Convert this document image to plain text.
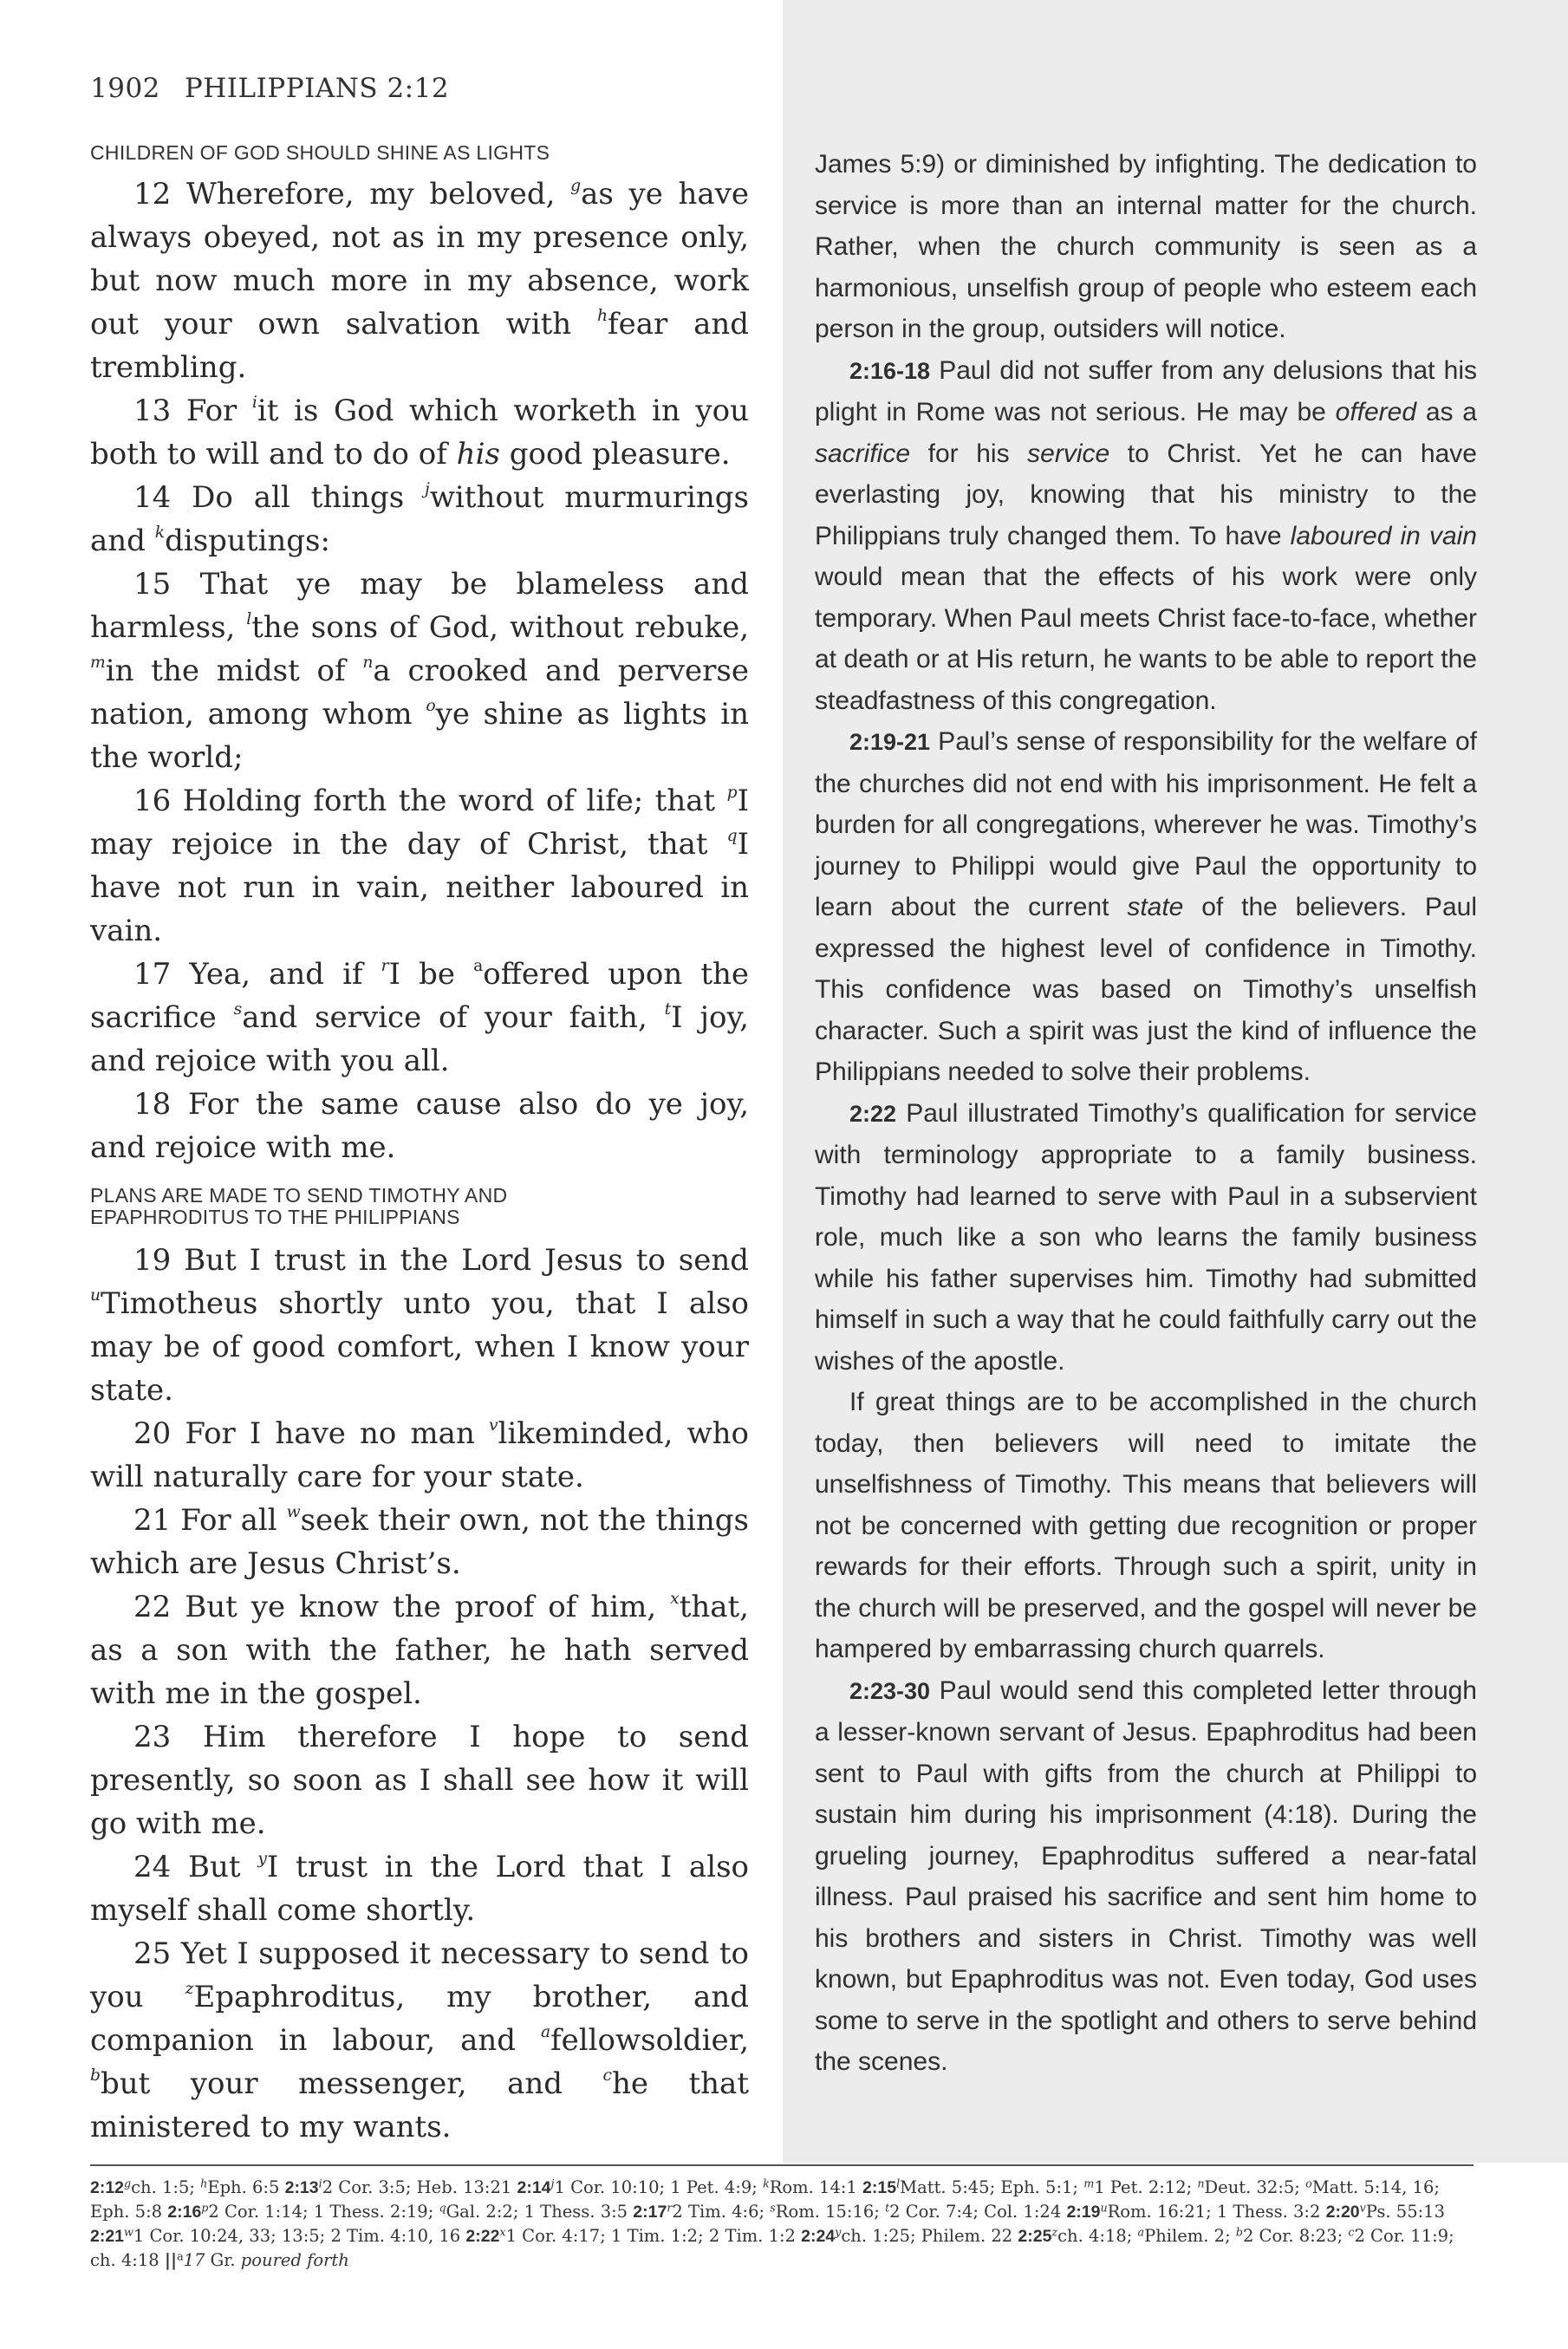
1902 PHILIPPIANS 2:12
CHILDREN OF GOD SHOULD SHINE AS LIGHTS

12 Wherefore, my beloved, $^g$as ye have always obeyed, not as in my presence only, but now much more in my absence, work out your own salvation with $^h$fear and trembling.

13 For $^i$it is God which worketh in you both to will and to do of his good pleasure.

14 Do all things $^j$without murmurings and $^k$disputings:

15 That ye may be blameless and harmless, $^l$the sons of God, without rebuke, $^m$in the midst of $^n$a crooked and perverse nation, among whom $^o$ye shine as lights in the world;

16 Holding forth the word of life; that $^p$I may rejoice in the day of Christ, that $^q$I have not run in vain, neither laboured in vain.

17 Yea, and if $^r$I be $^a$offered upon the sacrifice $^s$and service of your faith, $^t$I joy, and rejoice with you all.

18 For the same cause also do ye joy, and rejoice with me.

PLANS ARE MADE TO SEND TIMOTHY AND
EPAPHRODITUS TO THE PHILIPPIANS

19 But I trust in the Lord Jesus to send $^u$Timotheus shortly unto you, that I also may be of good comfort, when I know your state.

20 For I have no man $^v$likeminded, who will naturally care for your state.

21 For all $^w$seek their own, not the things which are Jesus Christ’s.

22 But ye know the proof of him, $^x$that, as a son with the father, he hath served with me in the gospel.

23 Him therefore I hope to send presently, so soon as I shall see how it will go with me.

24 But $^y$I trust in the Lord that I also myself shall come shortly.

25 Yet I supposed it necessary to send to you $^z$Epaphroditus, my brother, and companion in labour, and $^a$fellowsoldier, $^b$but your messenger, and $^c$he that ministered to my wants.

James 5:9) or diminished by infighting. The dedication to service is more than an internal matter for the church. Rather, when the church community is seen as a harmonious, unselfish group of people who esteem each person in the group, outsiders will notice.

2:16-18 Paul did not suffer from any delusions that his plight in Rome was not serious. He may be offered as a sacrifice for his service to Christ. Yet he can have everlasting joy, knowing that his ministry to the Philippians truly changed them. To have laboured in vain would mean that the effects of his work were only temporary. When Paul meets Christ face-to-face, whether at death or at His return, he wants to be able to report the steadfastness of this congregation.

2:19-21 Paul’s sense of responsibility for the welfare of the churches did not end with his imprisonment. He felt a burden for all congregations, wherever he was. Timothy’s journey to Philippi would give Paul the opportunity to learn about the current state of the believers. Paul expressed the highest level of confidence in Timothy. This confidence was based on Timothy’s unselfish character. Such a spirit was just the kind of influence the Philippians needed to solve their problems.

2:22 Paul illustrated Timothy’s qualification for service with terminology appropriate to a family business. Timothy had learned to serve with Paul in a subservient role, much like a son who learns the family business while his father supervises him. Timothy had submitted himself in such a way that he could faithfully carry out the wishes of the apostle.

If great things are to be accomplished in the church today, then believers will need to imitate the unselfishness of Timothy. This means that believers will not be concerned with getting due recognition or proper rewards for their efforts. Through such a spirit, unity in the church will be preserved, and the gospel will never be hampered by embarrassing church quarrels.

2:23-30 Paul would send this completed letter through a lesser-known servant of Jesus. Epaphroditus had been sent to Paul with gifts from the church at Philippi to sustain him during his imprisonment (4:18). During the grueling journey, Epaphroditus suffered a near-fatal illness. Paul praised his sacrifice and sent him home to his brothers and sisters in Christ. Timothy was well known, but Epaphroditus was not. Even today, God uses some to serve in the spotlight and others to serve behind the scenes.

2:12$^g$ch. 1:5; $^h$Eph. 6:5 2:13$^i$2 Cor. 3:5; Heb. 13:21 2:14$^j$1 Cor. 10:10; 1 Pet. 4:9; $^k$Rom. 14:1 2:15$^l$Matt. 5:45; Eph. 5:1; $^m$1 Pet. 2:12; $^n$Deut. 32:5; $^o$Matt. 5:14, 16;
Eph. 5:8 2:16$^p$2 Cor. 1:14; 1 Thess. 2:19; $^q$Gal. 2:2; 1 Thess. 3:5 2:17$^r$2 Tim. 4:6; $^s$Rom. 15:16; $^t$2 Cor. 7:4; Col. 1:24 2:19$^u$Rom. 16:21; 1 Thess. 3:2 2:20$^v$Ps. 55:13
2:21$^w$1 Cor. 10:24, 33; 13:5; 2 Tim. 4:10, 16 2:22$^x$1 Cor. 4:17; 1 Tim. 1:2; 2 Tim. 1:2 2:24$^y$ch. 1:25; Philem. 22 2:25$^z$ch. 4:18; $^a$Philem. 2; $^b$2 Cor. 8:23; $^c$2 Cor. 11:9;
ch. 4:18 $||^a17$ Gr. poured forth
